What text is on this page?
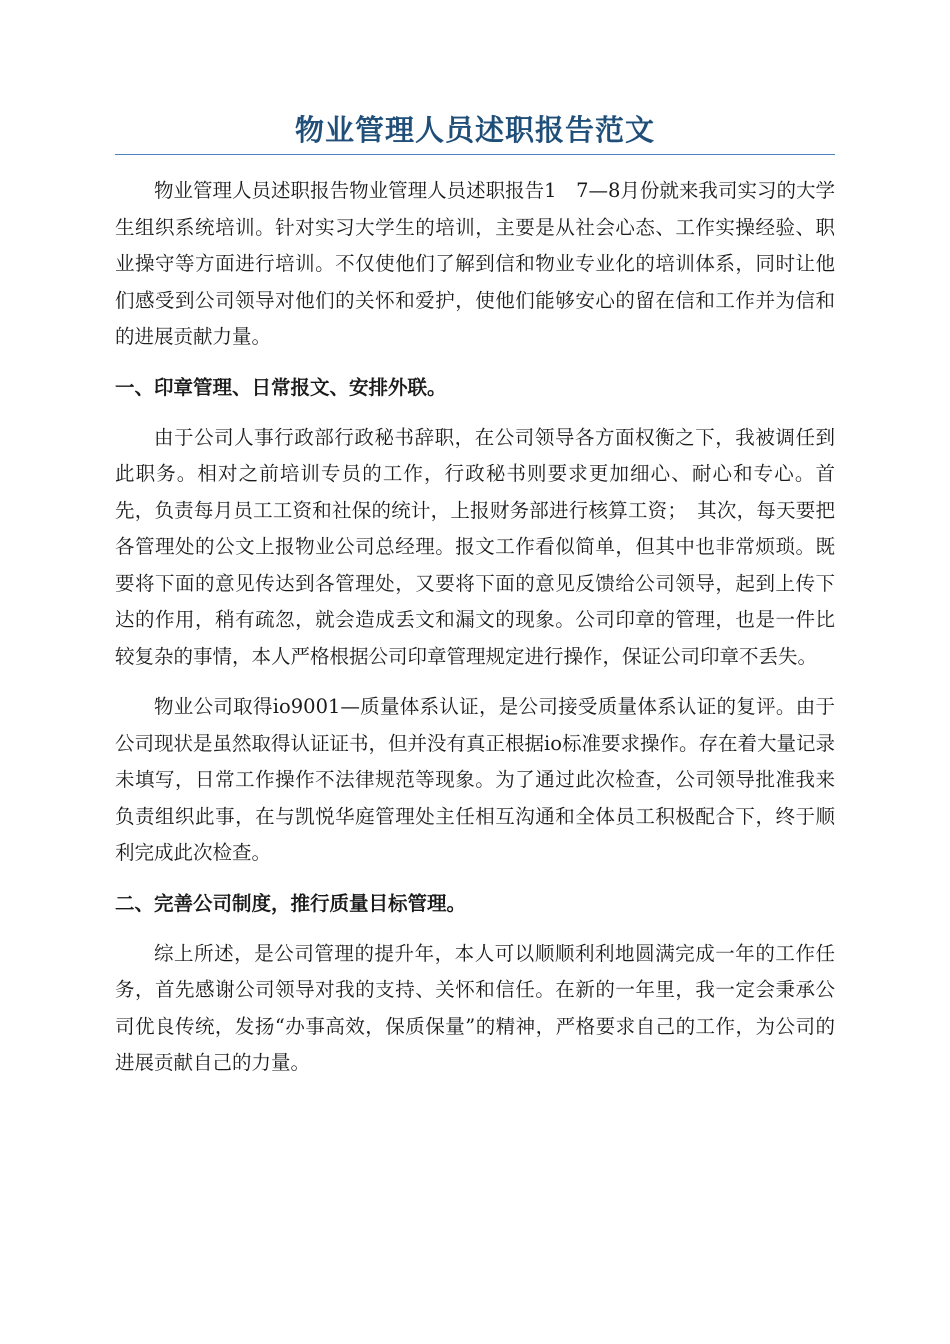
物业管理人员述职报告范文

物业管理人员述职报告物业管理人员述职报告1　7—8月份就来我司实习的大学生组织系统培训。针对实习大学生的培训，主要是从社会心态、工作实操经验、职业操守等方面进行培训。不仅使他们了解到信和物业专业化的培训体系，同时让他们感受到公司领导对他们的关怀和爱护，使他们能够安心的留在信和工作并为信和的进展贡献力量。

一、印章管理、日常报文、安排外联。

由于公司人事行政部行政秘书辞职，在公司领导各方面权衡之下，我被调任到此职务。相对之前培训专员的工作，行政秘书则要求更加细心、耐心和专心。首先，负责每月员工工资和社保的统计，上报财务部进行核算工资；　其次，每天要把各管理处的公文上报物业公司总经理。报文工作看似简单，但其中也非常烦琐。既要将下面的意见传达到各管理处，又要将下面的意见反馈给公司领导，起到上传下达的作用，稍有疏忽，就会造成丢文和漏文的现象。公司印章的管理，也是一件比较复杂的事情，本人严格根据公司印章管理规定进行操作，保证公司印章不丢失。

物业公司取得io9001—质量体系认证，是公司接受质量体系认证的复评。由于公司现状是虽然取得认证证书，但并没有真正根据io标准要求操作。存在着大量记录未填写，日常工作操作不法律规范等现象。为了通过此次检查，公司领导批准我来负责组织此事，在与凯悦华庭管理处主任相互沟通和全体员工积极配合下，终于顺利完成此次检查。

二、完善公司制度，推行质量目标管理。

综上所述，是公司管理的提升年，本人可以顺顺利利地圆满完成一年的工作任务，首先感谢公司领导对我的支持、关怀和信任。在新的一年里，我一定会秉承公司优良传统，发扬“办事高效，保质保量”的精神，严格要求自己的工作，为公司的进展贡献自己的力量。
